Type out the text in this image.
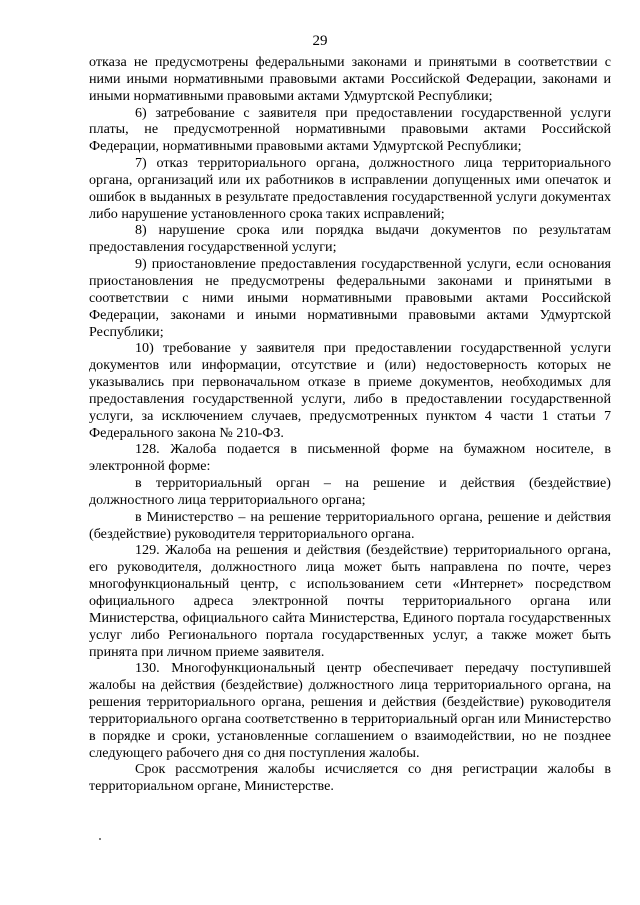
29

отказа не предусмотрены федеральными законами и принятыми в соответствии с ними иными нормативными правовыми актами Российской Федерации, законами и иными нормативными правовыми актами Удмуртской Республики;

6) затребование с заявителя при предоставлении государственной услуги платы, не предусмотренной нормативными правовыми актами Российской Федерации, нормативными правовыми актами Удмуртской Республики;

7) отказ территориального органа, должностного лица территориального органа, организаций или их работников в исправлении допущенных ими опечаток и ошибок в выданных в результате предоставления государственной услуги документах либо нарушение установленного срока таких исправлений;

8) нарушение срока или порядка выдачи документов по результатам предоставления государственной услуги;

9) приостановление предоставления государственной услуги, если основания приостановления не предусмотрены федеральными законами и принятыми в соответствии с ними иными нормативными правовыми актами Российской Федерации, законами и иными нормативными правовыми актами Удмуртской Республики;

10) требование у заявителя при предоставлении государственной услуги документов или информации, отсутствие и (или) недостоверность которых не указывались при первоначальном отказе в приеме документов, необходимых для предоставления государственной услуги, либо в предоставлении государственной услуги, за исключением случаев, предусмотренных пунктом 4 части 1 статьи 7 Федерального закона № 210-ФЗ.

128. Жалоба подается в письменной форме на бумажном носителе, в электронной форме:

в территориальный орган – на решение и действия (бездействие) должностного лица территориального органа;

в Министерство – на решение территориального органа, решение и действия (бездействие) руководителя территориального органа.

129. Жалоба на решения и действия (бездействие) территориального органа, его руководителя, должностного лица может быть направлена по почте, через многофункциональный центр, с использованием сети «Интернет» посредством официального адреса электронной почты территориального органа или Министерства, официального сайта Министерства, Единого портала государственных услуг либо Регионального портала государственных услуг, а также может быть принята при личном приеме заявителя.

130. Многофункциональный центр обеспечивает передачу поступившей жалобы на действия (бездействие) должностного лица территориального органа, на решения территориального органа, решения и действия (бездействие) руководителя территориального органа соответственно в территориальный орган или Министерство в порядке и сроки, установленные соглашением о взаимодействии, но не позднее следующего рабочего дня со дня поступления жалобы.

Срок рассмотрения жалобы исчисляется со дня регистрации жалобы в территориальном органе, Министерстве.
